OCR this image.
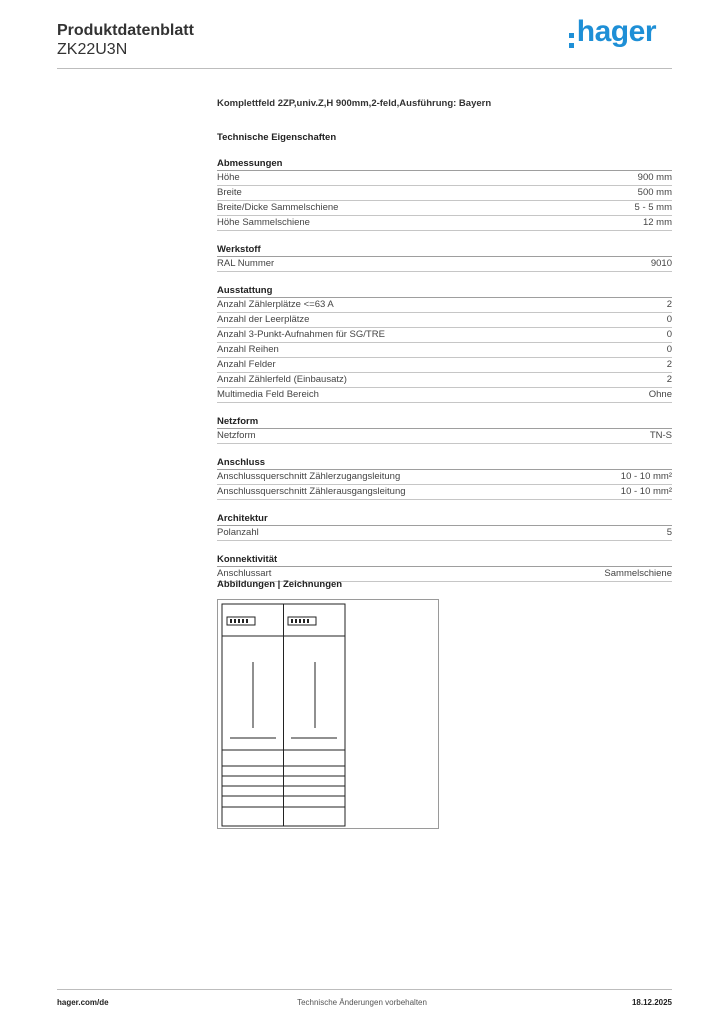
Produktdatenblatt
ZK22U3N
hager
Komplettfeld 2ZP,univ.Z,H 900mm,2-feld,Ausführung: Bayern
Technische Eigenschaften
Abmessungen
Höhe	900 mm
Breite	500 mm
Breite/Dicke Sammelschiene	5 - 5 mm
Höhe Sammelschiene	12 mm
Werkstoff
RAL Nummer	9010
Ausstattung
Anzahl Zählerplätze <=63 A	2
Anzahl der Leerplätze	0
Anzahl 3-Punkt-Aufnahmen für SG/TRE	0
Anzahl Reihen	0
Anzahl Felder	2
Anzahl Zählerfeld (Einbausatz)	2
Multimedia Feld Bereich	Ohne
Netzform
Netzform	TN-S
Anschluss
Anschlussquerschnitt Zählerzugangsleitung	10 - 10 mm²
Anschlussquerschnitt Zählerausgangsleitung	10 - 10 mm²
Architektur
Polanzahl	5
Konnektivität
Anschlussart	Sammelschiene
Abbildungen | Zeichnungen
hager.com/de	Technische Änderungen vorbehalten	18.12.2025
